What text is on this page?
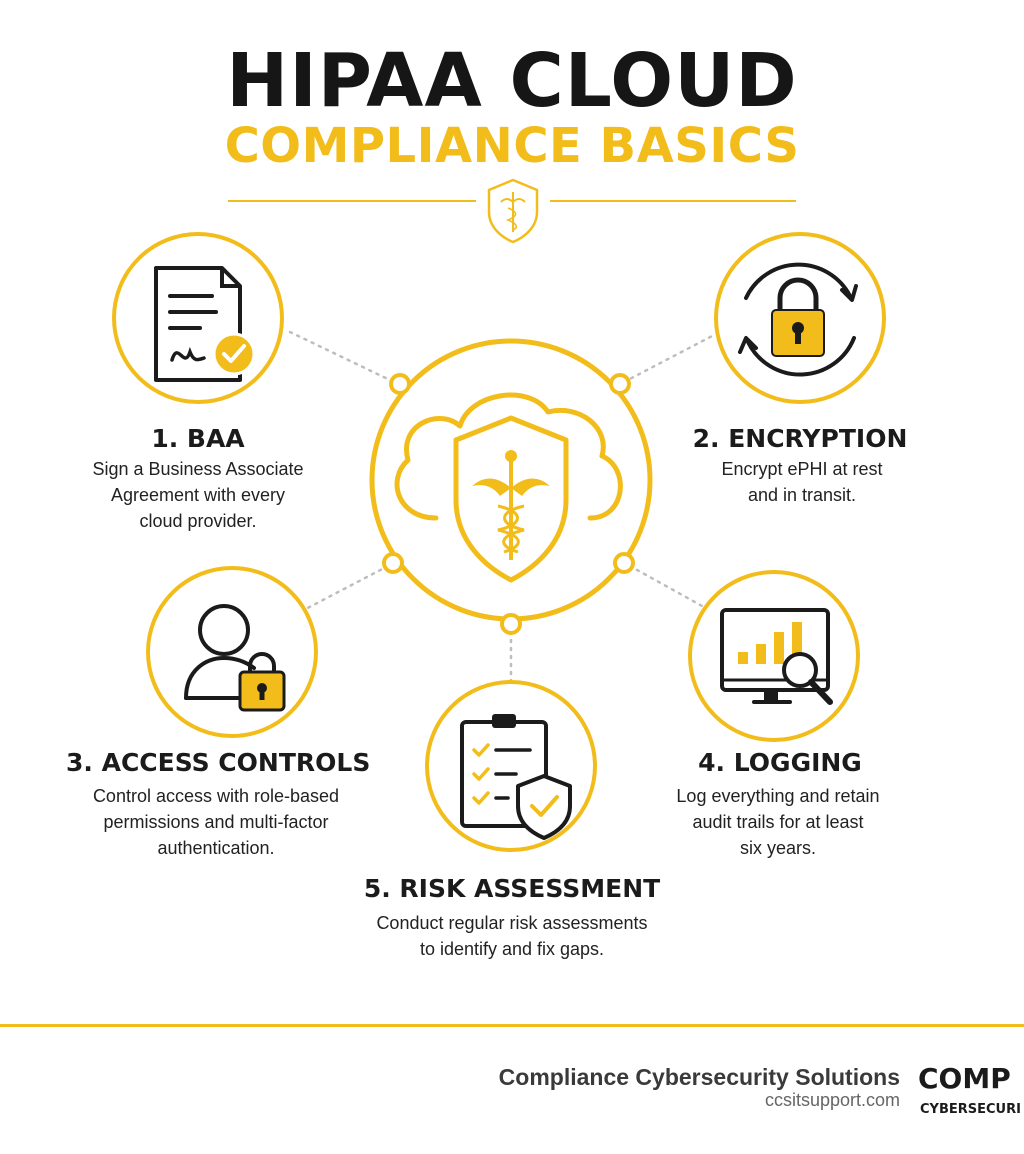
HIPAA CLOUD
COMPLIANCE BASICS
1. BAA
Sign a Business Associate
Agreement with every
cloud provider.
2. ENCRYPTION
Encrypt ePHI at rest
and in transit.
3. ACCESS CONTROLS
Control access with role-based
permissions and multi-factor
authentication.
4. LOGGING
Log everything and retain
audit trails for at least
six years.
5. RISK ASSESSMENT
Conduct regular risk assessments
to identify and fix gaps.
Compliance Cybersecurity Solutions
ccsitsupport.com
COMP
CYBERSECURI
